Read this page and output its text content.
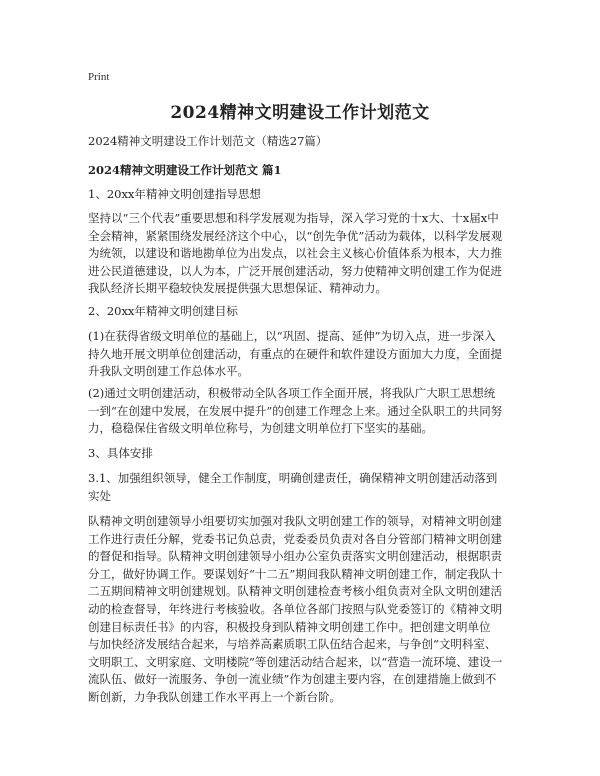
Print
2024精神文明建设工作计划范文
2024精神文明建设工作计划范文（精选27篇）
2024精神文明建设工作计划范文 篇1
1、20xx年精神文明创建指导思想
坚持以“三个代表”重要思想和科学发展观为指导，深入学习党的十x大、十x届x中
全会精神，紧紧围绕发展经济这个中心，以“创先争优”活动为载体，以科学发展观
为统领，以建设和谐地勘单位为出发点，以社会主义核心价值体系为根本，大力推
进公民道德建设，以人为本，广泛开展创建活动，努力使精神文明创建工作为促进
我队经济长期平稳较快发展提供强大思想保证、精神动力。
2、20xx年精神文明创建目标
(1)在获得省级文明单位的基础上，以“巩固、提高、延伸”为切入点，进一步深入
持久地开展文明单位创建活动，有重点的在硬件和软件建设方面加大力度，全面提
升我队文明创建工作总体水平。
(2)通过文明创建活动，积极带动全队各项工作全面开展，将我队广大职工思想统
一到“在创建中发展，在发展中提升”的创建工作理念上来。通过全队职工的共同努
力，稳稳保住省级文明单位称号，为创建文明单位打下坚实的基础。
3、具体安排
3.1、加强组织领导，健全工作制度，明确创建责任，确保精神文明创建活动落到
实处
队精神文明创建领导小组要切实加强对我队文明创建工作的领导，对精神文明创建
工作进行责任分解，党委书记负总责，党委委员负责对各自分管部门精神文明创建
的督促和指导。队精神文明创建领导小组办公室负责落实文明创建活动，根据职责
分工，做好协调工作。要谋划好“十二五”期间我队精神文明创建工作，制定我队十
二五期间精神文明创建规划。队精神文明创建检查考核小组负责对全队文明创建活
动的检查督导，年终进行考核验收。各单位各部门按照与队党委签订的《精神文明
创建目标责任书》的内容，积极投身到队精神文明创建工作中。把创建文明单位
与加快经济发展结合起来，与培养高素质职工队伍结合起来，与争创“文明科室、
文明职工、文明家庭、文明楼院”等创建活动结合起来，以“营造一流环境、建设一
流队伍、做好一流服务、争创一流业绩”作为创建主要内容，在创建措施上做到不
断创新，力争我队创建工作水平再上一个新台阶。
